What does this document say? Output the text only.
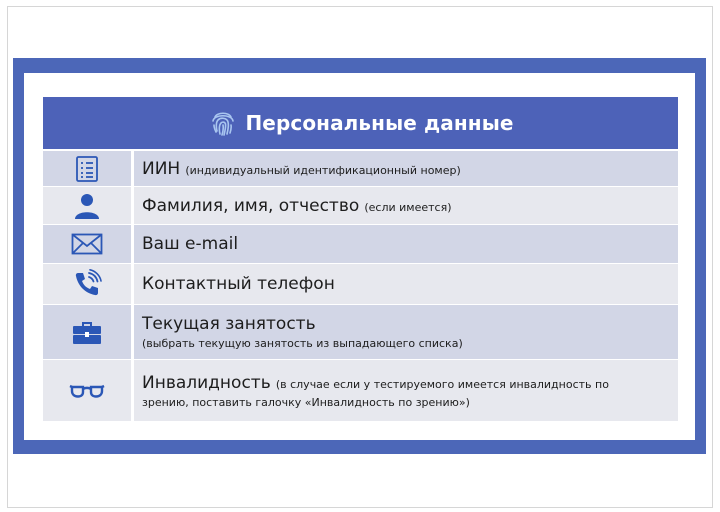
Персональные данные
ИИН (индивидуальный идентификационный номер)
Фамилия, имя, отчество (если имеется)
Ваш e-mail
Контактный телефон
Текущая занятость
(выбрать текущую занятость из выпадающего списка)
Инвалидность (в случае если у тестируемого имеется инвалидность по
зрению, поставить галочку «Инвалидность по зрению»)
